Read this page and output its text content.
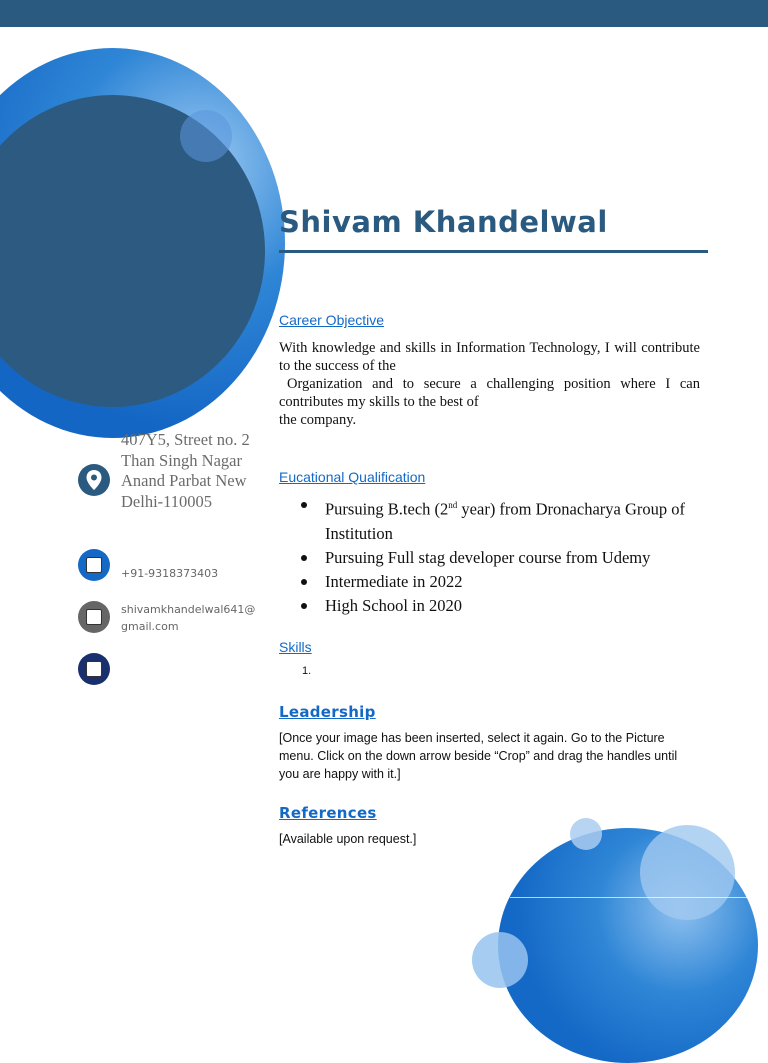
Shivam Khandelwal
Career Objective

With knowledge and skills in Information Technology, I will contribute to the success of the

Organization and to secure a challenging position where I can contributes my skills to the best of

the company.

Eucational Qualification
Pursuing B.tech (2nd year) from Dronacharya Group of Institution
Pursuing Full stag developer course from Udemy
Intermediate in 2022
High School in 2020
Skills
1.
Leadership
[Once your image has been inserted, select it again. Go to the Picture menu. Click on the down arrow beside “Crop” and drag the handles until you are happy with it.]
References
[Available upon request.]
407Y5, Street no. 2 Than Singh Nagar Anand Parbat New Delhi-110005
+91-9318373403
shivamkhandelwal641@gmail.com
